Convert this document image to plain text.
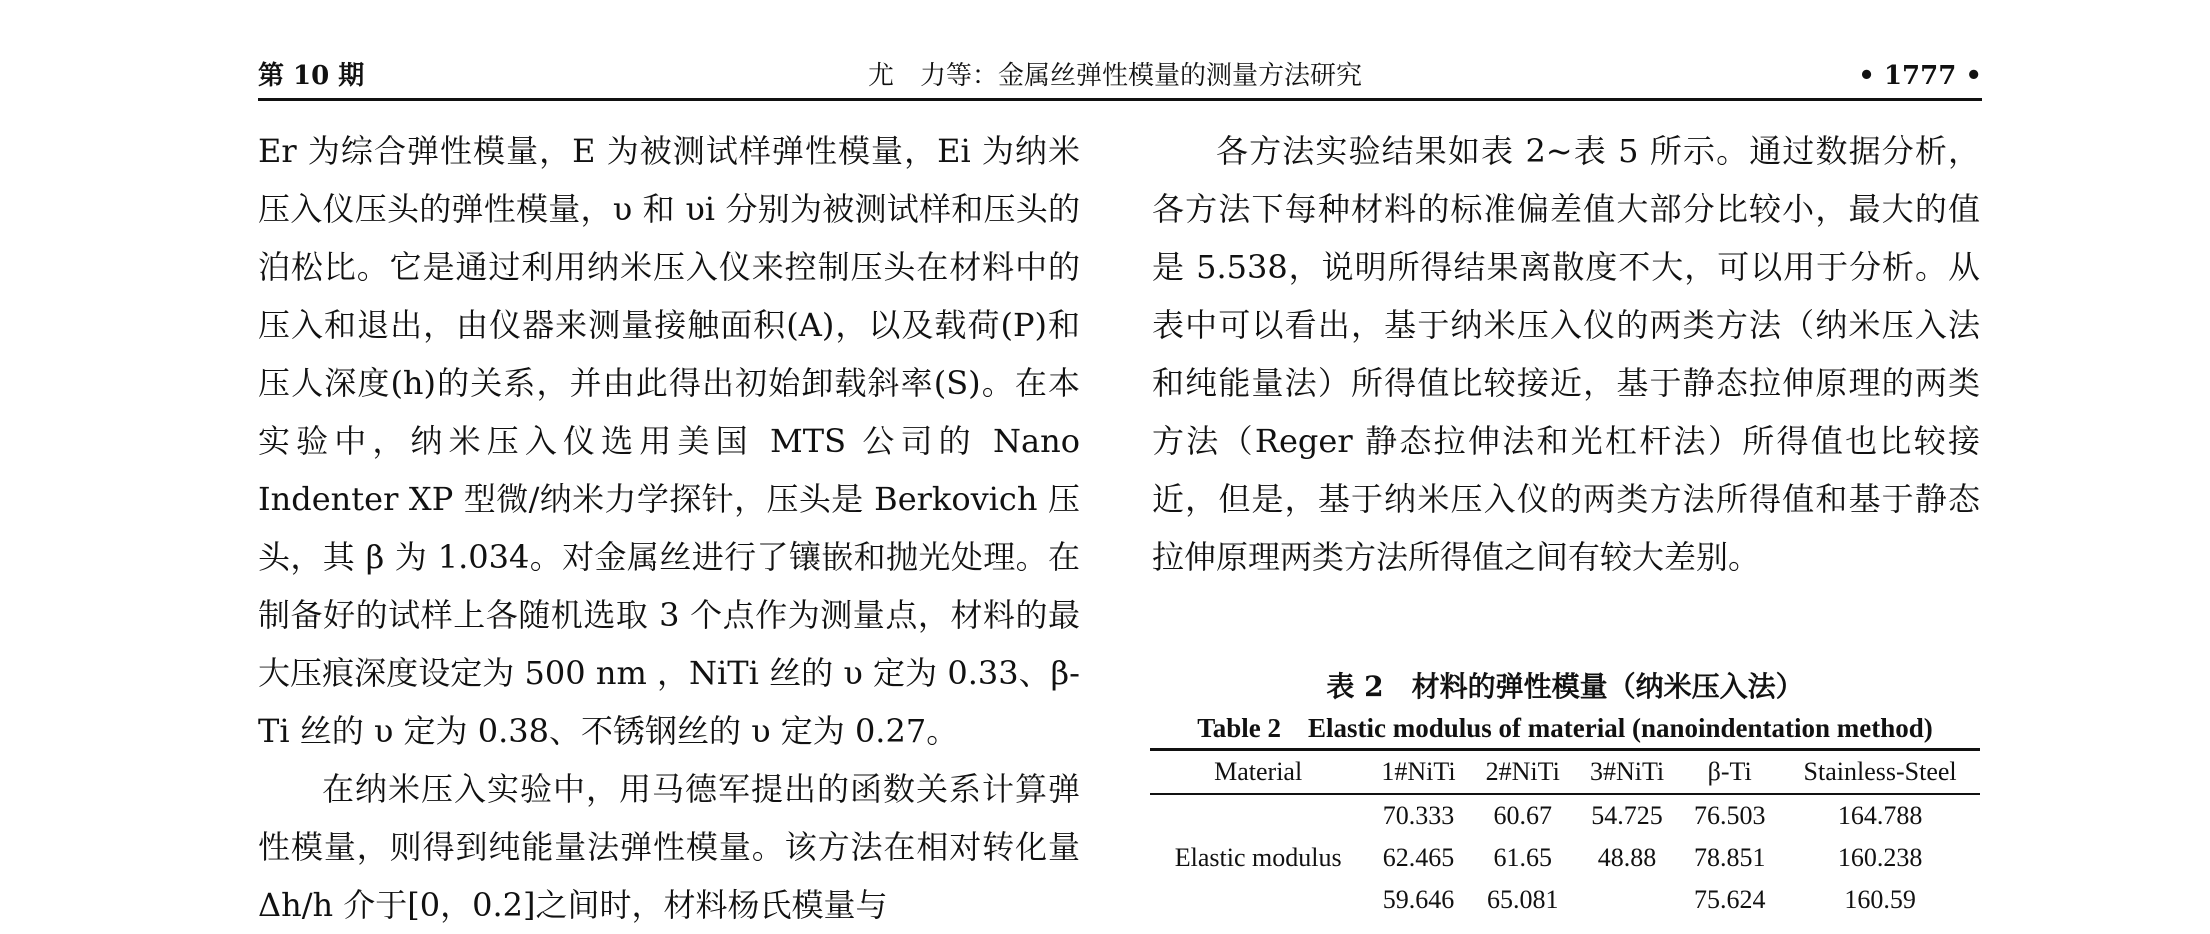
第 10 期	尤　力等：金属丝弹性模量的测量方法研究	• 1777 •

Er 为综合弹性模量，E 为被测试样弹性模量，Ei 为纳米压入仪压头的弹性模量，υ 和 υi 分别为被测试样和压头的泊松比。它是通过利用纳米压入仪来控制压头在材料中的压入和退出，由仪器来测量接触面积(A)，以及载荷(P)和压人深度(h)的关系，并由此得出初始卸载斜率(S)。在本实验中，纳米压入仪选用美国 MTS 公司的 Nano Indenter XP 型微/纳米力学探针，压头是 Berkovich 压头，其 β 为 1.034。对金属丝进行了镶嵌和抛光处理。在制备好的试样上各随机选取 3 个点作为测量点，材料的最大压痕深度设定为 500 nm ，NiTi 丝的 υ 定为 0.33、β-Ti 丝的 υ 定为 0.38、不锈钢丝的 υ 定为 0.27。

在纳米压入实验中，用马德军提出的函数关系计算弹性模量，则得到纯能量法弹性模量。该方法在相对转化量Δh/h 介于[0，0.2]之间时，材料杨氏模量与

各方法实验结果如表 2~表 5 所示。通过数据分析，各方法下每种材料的标准偏差值大部分比较小，最大的值是 5.538，说明所得结果离散度不大，可以用于分析。从表中可以看出，基于纳米压入仪的两类方法（纳米压入法和纯能量法）所得值比较接近，基于静态拉伸原理的两类方法（Reger 静态拉伸法和光杠杆法）所得值也比较接近，但是，基于纳米压入仪的两类方法所得值和基于静态拉伸原理两类方法所得值之间有较大差别。

表 2　材料的弹性模量（纳米压入法）
Table 2　Elastic modulus of material (nanoindentation method)
Material	1#NiTi	2#NiTi	3#NiTi	β-Ti	Stainless-Steel
Elastic modulus	70.333	60.67	54.725	76.503	164.788
	62.465	61.65	48.88	78.851	160.238
	59.646	65.081		75.624	160.59
